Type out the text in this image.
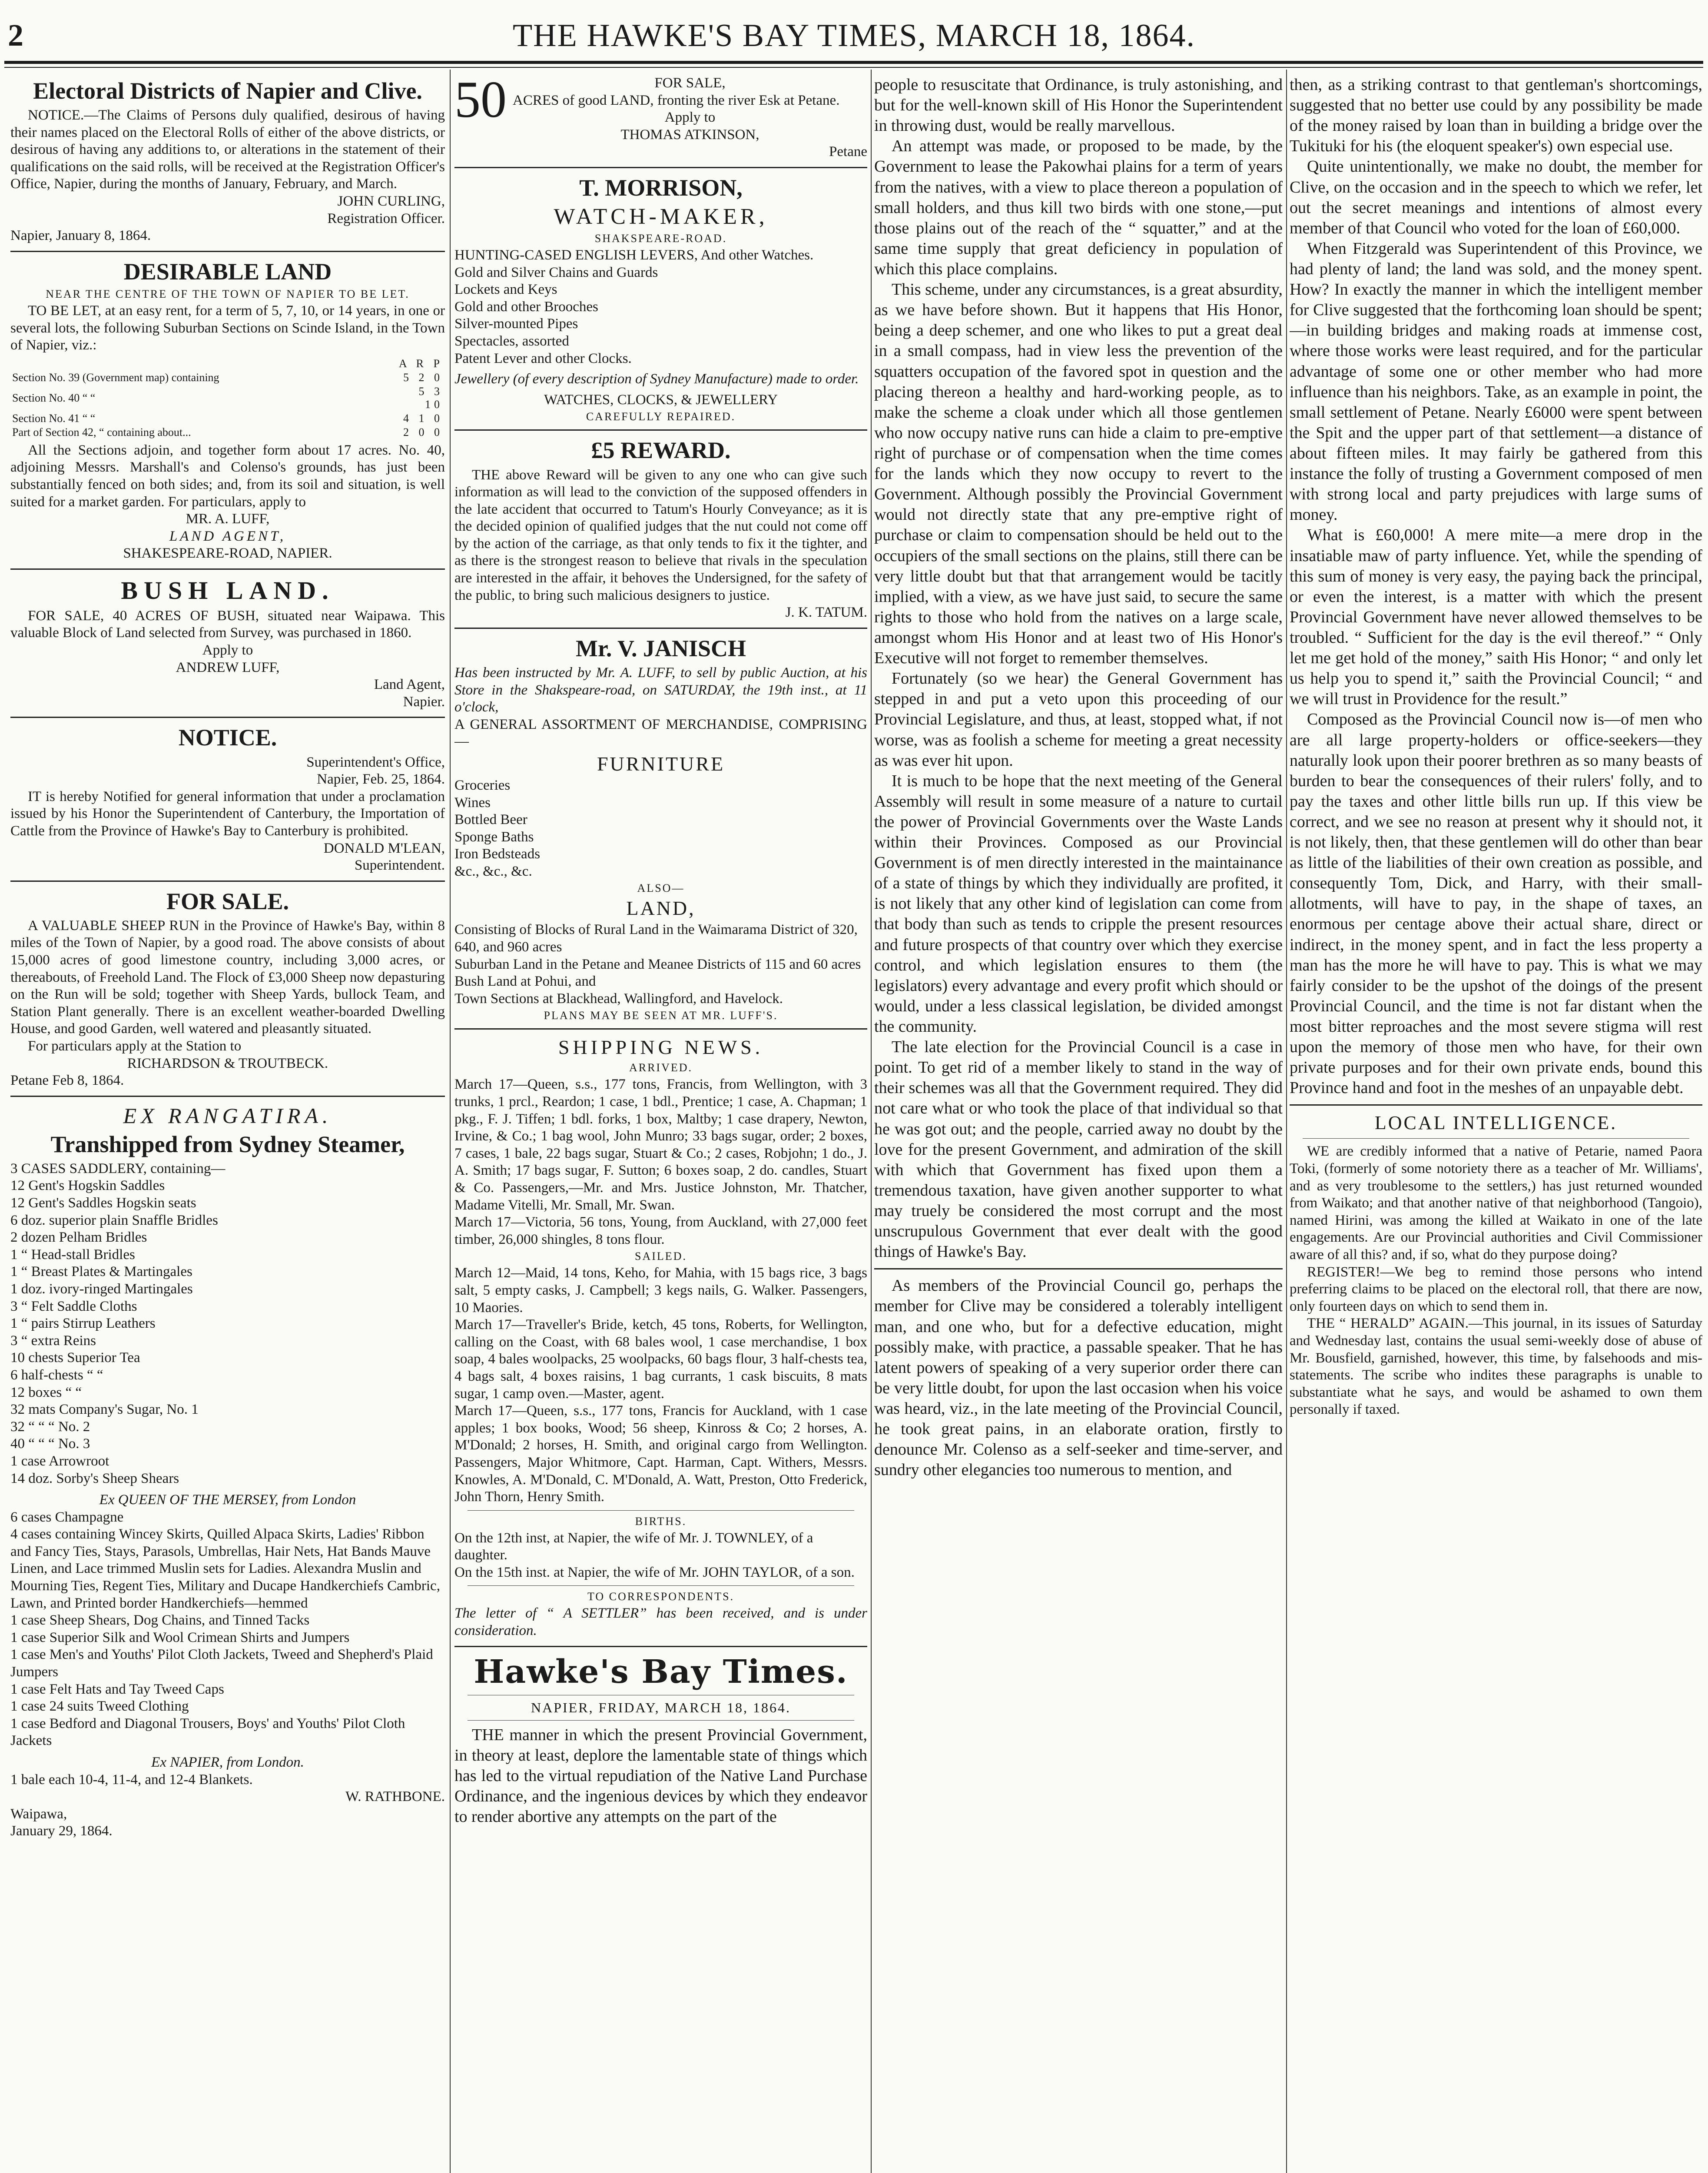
2	THE HAWKE'S BAY TIMES, MARCH 18, 1864.
Electoral Districts of Napier and Clive.

NOTICE.—The Claims of Persons duly qualified, desirous of having their names placed on the Electoral Rolls of either of the above districts, or desirous of having any additions to, or alterations in the statement of their qualifications on the said rolls, will be received at the Registration Officer's Office, Napier, during the months of January, February, and March.

JOHN CURLING,

Registration Officer.

Napier, January 8, 1864.

DESIRABLE LAND
NEAR THE CENTRE OF THE TOWN OF NAPIER TO BE LET.

TO BE LET, at an easy rent, for a term of 5, 7, 10, or 14 years, in one or several lots, the following Suburban Sections on Scinde Island, in the Town of Napier, viz.:

	A R P
Section No. 39 (Government map) containing	5 2 0
Section No. 40 “ “	5 3 10
Section No. 41 “ “	4 1 0
Part of Section 42, “ containing about...	2 0 0

All the Sections adjoin, and together form about 17 acres. No. 40, adjoining Messrs. Marshall's and Colenso's grounds, has just been substantially fenced on both sides; and, from its soil and situation, is well suited for a market garden. For particulars, apply to

MR. A. LUFF,

LAND AGENT,

SHAKESPEARE-ROAD, NAPIER.

BUSH LAND.

FOR SALE, 40 ACRES OF BUSH, situated near Waipawa. This valuable Block of Land selected from Survey, was purchased in 1860.

Apply to

ANDREW LUFF,

Land Agent,

Napier.

NOTICE.

Superintendent's Office,

Napier, Feb. 25, 1864.

IT is hereby Notified for general information that under a proclamation issued by his Honor the Superintendent of Canterbury, the Importation of Cattle from the Province of Hawke's Bay to Canterbury is prohibited.

DONALD M'LEAN,

Superintendent.

FOR SALE.

A VALUABLE SHEEP RUN in the Province of Hawke's Bay, within 8 miles of the Town of Napier, by a good road. The above consists of about 15,000 acres of good limestone country, including 3,000 acres, or thereabouts, of Freehold Land. The Flock of £3,000 Sheep now depasturing on the Run will be sold; together with Sheep Yards, bullock Team, and Station Plant generally. There is an excellent weather-boarded Dwelling House, and good Garden, well watered and pleasantly situated.

For particulars apply at the Station to

RICHARDSON & TROUTBECK.

Petane Feb 8, 1864.

EX RANGATIRA.
Transhipped from Sydney Steamer,

3 CASES SADDLERY, containing—
12 Gent's Hogskin Saddles
12 Gent's Saddles Hogskin seats
6 doz. superior plain Snaffle Bridles
2 dozen Pelham Bridles
1 “ Head-stall Bridles
1 “ Breast Plates & Martingales
1 doz. ivory-ringed Martingales
3 “ Felt Saddle Cloths
1 “ pairs Stirrup Leathers
3 “ extra Reins
10 chests Superior Tea
6 half-chests “ “
12 boxes “ “
32 mats Company's Sugar, No. 1
32 “ “ “ No. 2
40 “ “ “ No. 3
1 case Arrowroot
14 doz. Sorby's Sheep Shears

Ex QUEEN OF THE MERSEY, from London

6 cases Champagne
4 cases containing Wincey Skirts, Quilled Alpaca Skirts, Ladies' Ribbon and Fancy Ties, Stays, Parasols, Umbrellas, Hair Nets, Hat Bands Mauve Linen, and Lace trimmed Muslin sets for Ladies. Alexandra Muslin and Mourning Ties, Regent Ties, Military and Ducape Handkerchiefs Cambric, Lawn, and Printed border Handkerchiefs—hemmed
1 case Sheep Shears, Dog Chains, and Tinned Tacks
1 case Superior Silk and Wool Crimean Shirts and Jumpers
1 case Men's and Youths' Pilot Cloth Jackets, Tweed and Shepherd's Plaid Jumpers
1 case Felt Hats and Tay Tweed Caps
1 case 24 suits Tweed Clothing
1 case Bedford and Diagonal Trousers, Boys' and Youths' Pilot Cloth Jackets

Ex NAPIER, from London.

1 bale each 10-4, 11-4, and 12-4 Blankets.

W. RATHBONE.

Waipawa,
January 29, 1864.

50	FOR SALE,

ACRES of good LAND, fronting the river Esk at Petane.

Apply to

THOMAS ATKINSON,

Petane

T. MORRISON,
WATCH-MAKER,
SHAKSPEARE-ROAD.

HUNTING-CASED ENGLISH LEVERS, And other Watches.
Gold and Silver Chains and Guards
Lockets and Keys
Gold and other Brooches
Silver-mounted Pipes
Spectacles, assorted
Patent Lever and other Clocks.

Jewellery (of every description of Sydney Manufacture) made to order.

WATCHES, CLOCKS, & JEWELLERY

CAREFULLY REPAIRED.
£5 REWARD.

THE above Reward will be given to any one who can give such information as will lead to the conviction of the supposed offenders in the late accident that occurred to Tatum's Hourly Conveyance; as it is the decided opinion of qualified judges that the nut could not come off by the action of the carriage, as that only tends to fix it the tighter, and as there is the strongest reason to believe that rivals in the speculation are interested in the affair, it behoves the Undersigned, for the safety of the public, to bring such malicious designers to justice.

J. K. TATUM.

Mr. V. JANISCH

Has been instructed by Mr. A. LUFF, to sell by public Auction, at his Store in the Shakspeare-road, on SATURDAY, the 19th inst., at 11 o'clock,

A GENERAL ASSORTMENT OF MERCHANDISE, COMPRISING—

FURNITURE

Groceries
Wines
Bottled Beer
Sponge Baths
Iron Bedsteads
&c., &c., &c.

ALSO—
LAND,

Consisting of Blocks of Rural Land in the Waimarama District of 320, 640, and 960 acres
Suburban Land in the Petane and Meanee Districts of 115 and 60 acres
Bush Land at Pohui, and
Town Sections at Blackhead, Wallingford, and Havelock.

PLANS MAY BE SEEN AT MR. LUFF'S.
SHIPPING NEWS.
ARRIVED.

March 17—Queen, s.s., 177 tons, Francis, from Wellington, with 3 trunks, 1 prcl., Reardon; 1 case, 1 bdl., Prentice; 1 case, A. Chapman; 1 pkg., F. J. Tiffen; 1 bdl. forks, 1 box, Maltby; 1 case drapery, Newton, Irvine, & Co.; 1 bag wool, John Munro; 33 bags sugar, order; 2 boxes, 7 cases, 1 bale, 22 bags sugar, Stuart & Co.; 2 cases, Robjohn; 1 do., J. A. Smith; 17 bags sugar, F. Sutton; 6 boxes soap, 2 do. candles, Stuart & Co. Passengers,—Mr. and Mrs. Justice Johnston, Mr. Thatcher, Madame Vitelli, Mr. Small, Mr. Swan.
March 17—Victoria, 56 tons, Young, from Auckland, with 27,000 feet timber, 26,000 shingles, 8 tons flour.

SAILED.

March 12—Maid, 14 tons, Keho, for Mahia, with 15 bags rice, 3 bags salt, 5 empty casks, J. Campbell; 3 kegs nails, G. Walker. Passengers, 10 Maories.
March 17—Traveller's Bride, ketch, 45 tons, Roberts, for Wellington, calling on the Coast, with 68 bales wool, 1 case merchandise, 1 box soap, 4 bales woolpacks, 25 woolpacks, 60 bags flour, 3 half-chests tea, 4 bags salt, 4 boxes raisins, 1 bag currants, 1 cask biscuits, 8 mats sugar, 1 camp oven.—Master, agent.
March 17—Queen, s.s., 177 tons, Francis for Auckland, with 1 case apples; 1 box books, Wood; 56 sheep, Kinross & Co; 2 horses, A. M'Donald; 2 horses, H. Smith, and original cargo from Wellington. Passengers, Major Whitmore, Capt. Harman, Capt. Withers, Messrs. Knowles, A. M'Donald, C. M'Donald, A. Watt, Preston, Otto Frederick, John Thorn, Henry Smith.

BIRTHS.

On the 12th inst, at Napier, the wife of Mr. J. TOWNLEY, of a daughter.
On the 15th inst. at Napier, the wife of Mr. JOHN TAYLOR, of a son.

TO CORRESPONDENTS.

The letter of “ A SETTLER” has been received, and is under consideration.

Hawke's Bay Times.
NAPIER, FRIDAY, MARCH 18, 1864.

THE manner in which the present Provincial Government, in theory at least, deplore the lamentable state of things which has led to the virtual repudiation of the Native Land Purchase Ordinance, and the ingenious devices by which they endeavor to render abortive any attempts on the part of the

people to resuscitate that Ordinance, is truly astonishing, and but for the well-known skill of His Honor the Superintendent in throwing dust, would be really marvellous.

An attempt was made, or proposed to be made, by the Government to lease the Pakowhai plains for a term of years from the natives, with a view to place thereon a population of small holders, and thus kill two birds with one stone,—put those plains out of the reach of the “ squatter,” and at the same time supply that great deficiency in population of which this place complains.

This scheme, under any circumstances, is a great absurdity, as we have before shown. But it happens that His Honor, being a deep schemer, and one who likes to put a great deal in a small compass, had in view less the prevention of the squatters occupation of the favored spot in question and the placing thereon a healthy and hard-working people, as to make the scheme a cloak under which all those gentlemen who now occupy native runs can hide a claim to pre-emptive right of purchase or of compensation when the time comes for the lands which they now occupy to revert to the Government. Although possibly the Provincial Government would not directly state that any pre-emptive right of purchase or claim to compensation should be held out to the occupiers of the small sections on the plains, still there can be very little doubt but that that arrangement would be tacitly implied, with a view, as we have just said, to secure the same rights to those who hold from the natives on a large scale, amongst whom His Honor and at least two of His Honor's Executive will not forget to remember themselves.

Fortunately (so we hear) the General Government has stepped in and put a veto upon this proceeding of our Provincial Legislature, and thus, at least, stopped what, if not worse, was as foolish a scheme for meeting a great necessity as was ever hit upon.

It is much to be hope that the next meeting of the General Assembly will result in some measure of a nature to curtail the power of Provincial Governments over the Waste Lands within their Provinces. Composed as our Provincial Government is of men directly interested in the maintainance of a state of things by which they individually are profited, it is not likely that any other kind of legislation can come from that body than such as tends to cripple the present resources and future prospects of that country over which they exercise control, and which legislation ensures to them (the legislators) every advantage and every profit which should or would, under a less classical legislation, be divided amongst the community.

The late election for the Provincial Council is a case in point. To get rid of a member likely to stand in the way of their schemes was all that the Government required. They did not care what or who took the place of that individual so that he was got out; and the people, carried away no doubt by the love for the present Government, and admiration of the skill with which that Government has fixed upon them a tremendous taxation, have given another supporter to what may truely be considered the most corrupt and the most unscrupulous Government that ever dealt with the good things of Hawke's Bay.

As members of the Provincial Council go, perhaps the member for Clive may be considered a tolerably intelligent man, and one who, but for a defective education, might possibly make, with practice, a passable speaker. That he has latent powers of speaking of a very superior order there can be very little doubt, for upon the last occasion when his voice was heard, viz., in the late meeting of the Provincial Council, he took great pains, in an elaborate oration, firstly to denounce Mr. Colenso as a self-seeker and time-server, and sundry other elegancies too numerous to mention, and

then, as a striking contrast to that gentleman's shortcomings, suggested that no better use could by any possibility be made of the money raised by loan than in building a bridge over the Tukituki for his (the eloquent speaker's) own especial use.

Quite unintentionally, we make no doubt, the member for Clive, on the occasion and in the speech to which we refer, let out the secret meanings and intentions of almost every member of that Council who voted for the loan of £60,000.

When Fitzgerald was Superintendent of this Province, we had plenty of land; the land was sold, and the money spent. How? In exactly the manner in which the intelligent member for Clive suggested that the forthcoming loan should be spent;—in building bridges and making roads at immense cost, where those works were least required, and for the particular advantage of some one or other member who had more influence than his neighbors. Take, as an example in point, the small settlement of Petane. Nearly £6000 were spent between the Spit and the upper part of that settlement—a distance of about fifteen miles. It may fairly be gathered from this instance the folly of trusting a Government composed of men with strong local and party prejudices with large sums of money.

What is £60,000! A mere mite—a mere drop in the insatiable maw of party influence. Yet, while the spending of this sum of money is very easy, the paying back the principal, or even the interest, is a matter with which the present Provincial Government have never allowed themselves to be troubled. “ Sufficient for the day is the evil thereof.” “ Only let me get hold of the money,” saith His Honor; “ and only let us help you to spend it,” saith the Provincial Council; “ and we will trust in Providence for the result.”

Composed as the Provincial Council now is—of men who are all large property-holders or office-seekers—they naturally look upon their poorer brethren as so many beasts of burden to bear the consequences of their rulers' folly, and to pay the taxes and other little bills run up. If this view be correct, and we see no reason at present why it should not, it is not likely, then, that these gentlemen will do other than bear as little of the liabilities of their own creation as possible, and consequently Tom, Dick, and Harry, with their small-allotments, will have to pay, in the shape of taxes, an enormous per centage above their actual share, direct or indirect, in the money spent, and in fact the less property a man has the more he will have to pay. This is what we may fairly consider to be the upshot of the doings of the present Provincial Council, and the time is not far distant when the most bitter reproaches and the most severe stigma will rest upon the memory of those men who have, for their own private purposes and for their own private ends, bound this Province hand and foot in the meshes of an unpayable debt.

LOCAL INTELLIGENCE.

WE are credibly informed that a native of Petarie, named Paora Toki, (formerly of some notoriety there as a teacher of Mr. Williams', and as very troublesome to the settlers,) has just returned wounded from Waikato; and that another native of that neighborhood (Tangoio), named Hirini, was among the killed at Waikato in one of the late engagements. Are our Provincial authorities and Civil Commissioner aware of all this? and, if so, what do they purpose doing?

REGISTER!—We beg to remind those persons who intend preferring claims to be placed on the electoral roll, that there are now, only fourteen days on which to send them in.

THE “ HERALD” AGAIN.—This journal, in its issues of Saturday and Wednesday last, contains the usual semi-weekly dose of abuse of Mr. Bousfield, garnished, however, this time, by falsehoods and mis-statements. The scribe who indites these paragraphs is unable to substantiate what he says, and would be ashamed to own them personally if taxed.
